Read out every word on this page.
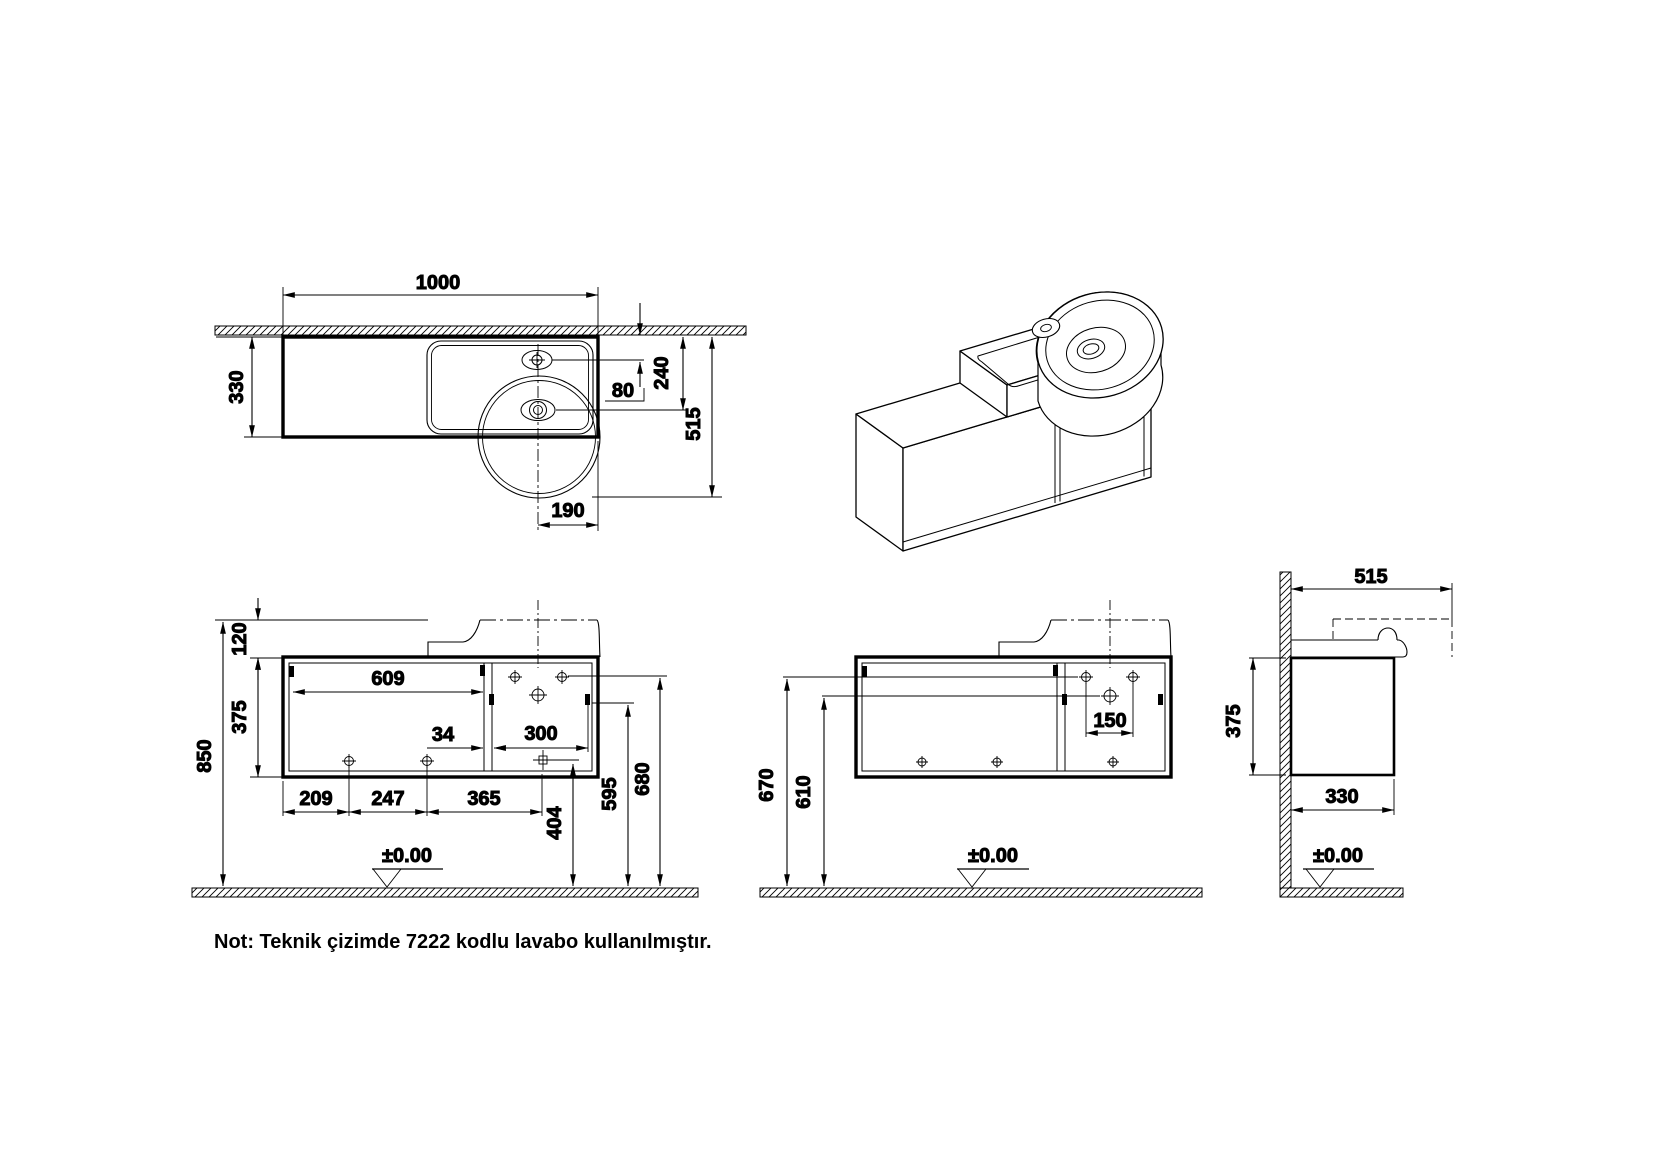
1000
330	80
240
515
190
609
34	300
209 247	365
404
595 680
850
120
375
±0.00
670 610
150
±0.00
515
375
330
±0.00
Not: Teknik çizimde 7222 kodlu lavabo kullanılmıştır.
